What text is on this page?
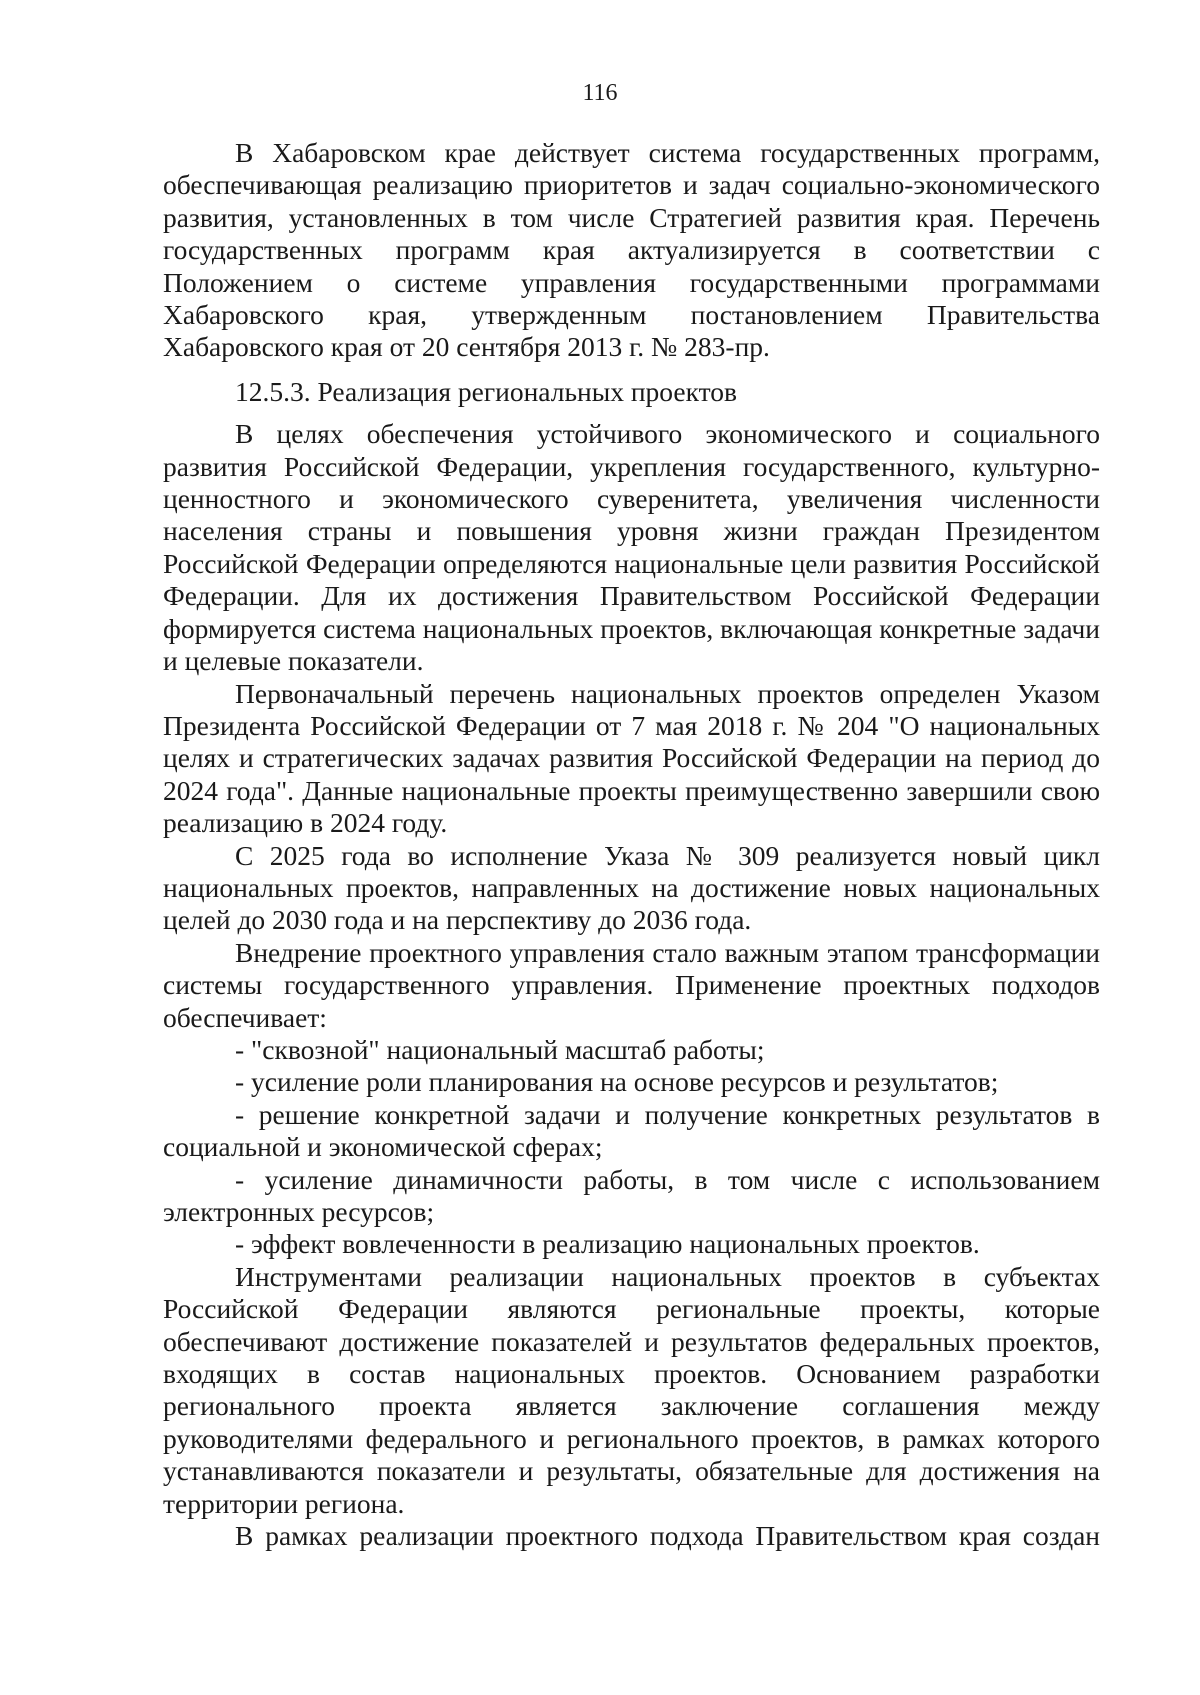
116

В Хабаровском крае действует система государственных программ, обеспечивающая реализацию приоритетов и задач социально-экономического развития, установленных в том числе Стратегией развития края. Перечень государственных программ края актуализируется в соответствии с Положением о системе управления государственными программами Хабаровского края, утвержденным постановлением Правительства Хабаровского края от 20 сентября 2013 г. № 283-пр.

12.5.3. Реализация региональных проектов

В целях обеспечения устойчивого экономического и социального развития Российской Федерации, укрепления государственного, культурно-ценностного и экономического суверенитета, увеличения численности населения страны и повышения уровня жизни граждан Президентом Российской Федерации определяются национальные цели развития Российской Федерации. Для их достижения Правительством Российской Федерации формируется система национальных проектов, включающая конкретные задачи и целевые показатели.

Первоначальный перечень национальных проектов определен Указом Президента Российской Федерации от 7 мая 2018 г. № 204 "О национальных целях и стратегических задачах развития Российской Федерации на период до 2024 года". Данные национальные проекты преимущественно завершили свою реализацию в 2024 году.

С 2025 года во исполнение Указа № 309 реализуется новый цикл национальных проектов, направленных на достижение новых национальных целей до 2030 года и на перспективу до 2036 года.

Внедрение проектного управления стало важным этапом трансформации системы государственного управления. Применение проектных подходов обеспечивает:

- "сквозной" национальный масштаб работы;

- усиление роли планирования на основе ресурсов и результатов;

- решение конкретной задачи и получение конкретных результатов в социальной и экономической сферах;

- усиление динамичности работы, в том числе с использованием электронных ресурсов;

- эффект вовлеченности в реализацию национальных проектов.

Инструментами реализации национальных проектов в субъектах Российской Федерации являются региональные проекты, которые обеспечивают достижение показателей и результатов федеральных проектов, входящих в состав национальных проектов. Основанием разработки регионального проекта является заключение соглашения между руководителями федерального и регионального проектов, в рамках которого устанавливаются показатели и результаты, обязательные для достижения на территории региона.

В рамках реализации проектного подхода Правительством края создан
